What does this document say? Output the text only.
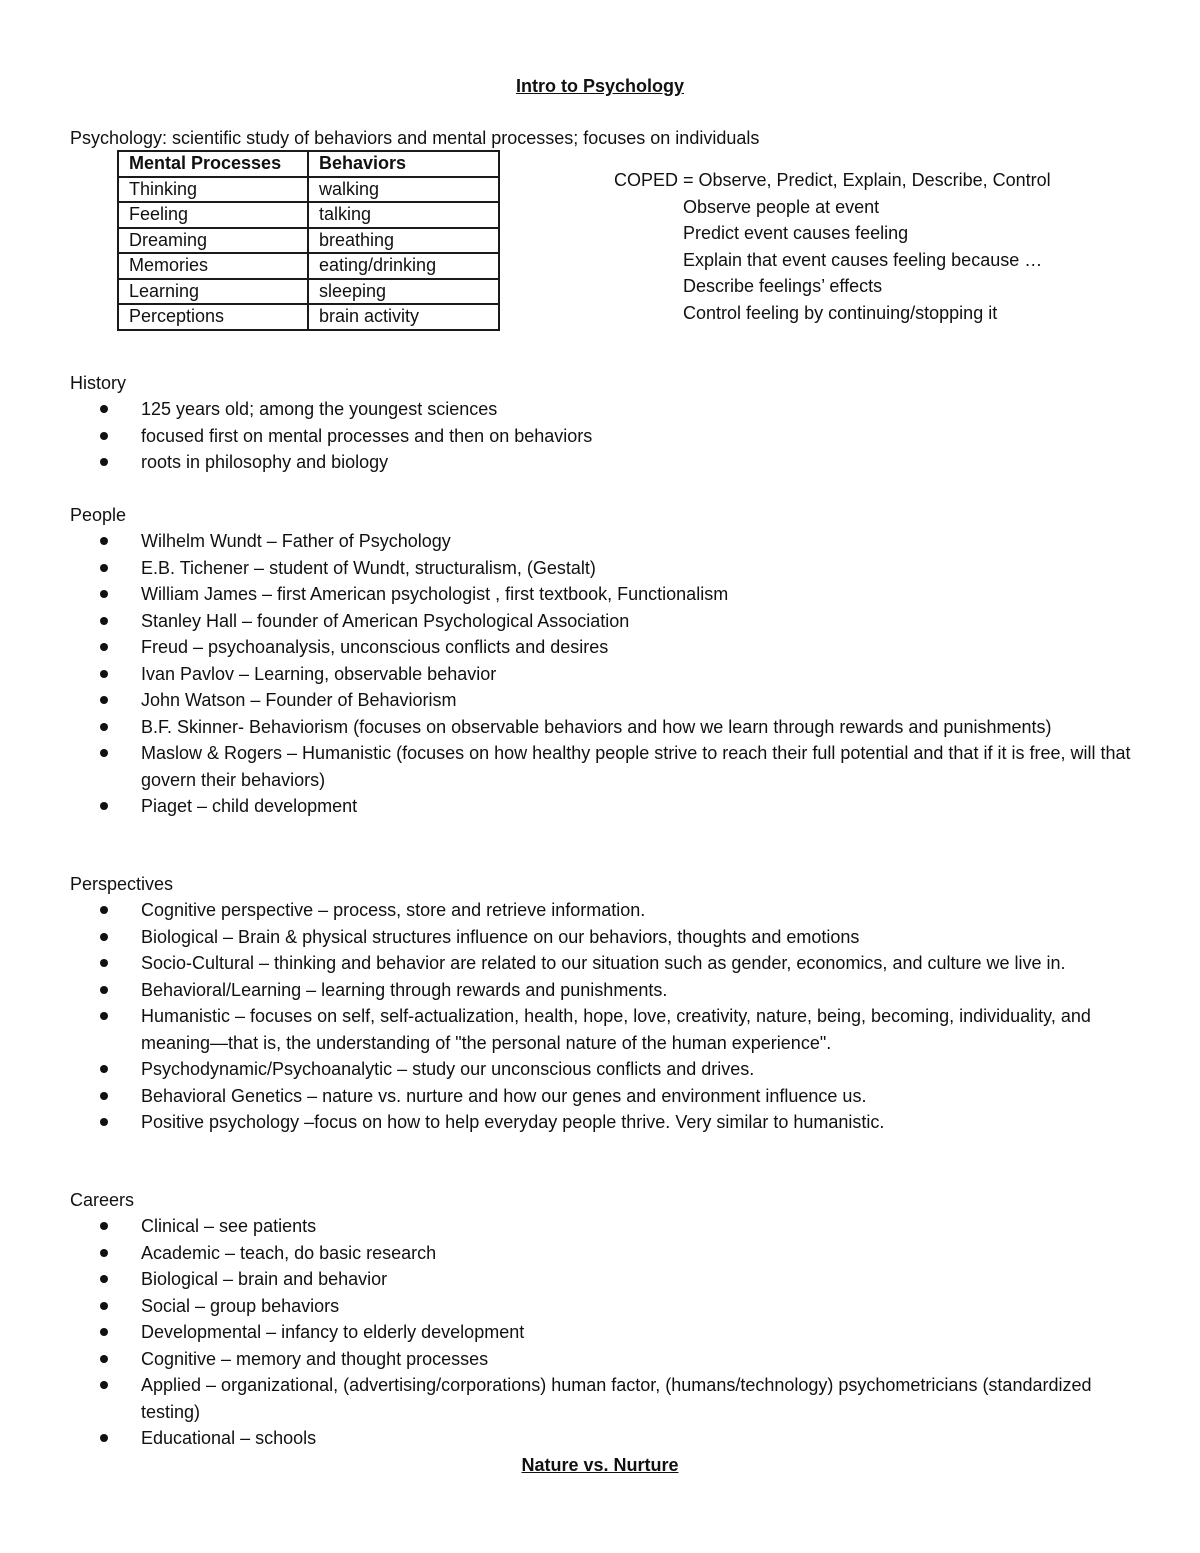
Intro to Psychology
Psychology: scientific study of behaviors and mental processes; focuses on individuals
Mental Processes	Behaviors
Thinking	walking
Feeling	talking
Dreaming	breathing
Memories	eating/drinking
Learning	sleeping
Perceptions	brain activity
COPED = Observe, Predict, Explain, Describe, Control
Observe people at event
Predict event causes feeling
Explain that event causes feeling because …
Describe feelings’ effects
Control feeling by continuing/stopping it
History
125 years old; among the youngest sciences
focused first on mental processes and then on behaviors
roots in philosophy and biology
People
Wilhelm Wundt – Father of Psychology
E.B. Tichener – student of Wundt, structuralism, (Gestalt)
William James – first American psychologist , first textbook, Functionalism
Stanley Hall – founder of American Psychological Association
Freud – psychoanalysis, unconscious conflicts and desires
Ivan Pavlov – Learning, observable behavior
John Watson – Founder of Behaviorism
B.F. Skinner- Behaviorism (focuses on observable behaviors and how we learn through rewards and punishments)
Maslow & Rogers – Humanistic (focuses on how healthy people strive to reach their full potential and that if it is free, will that govern their behaviors)
Piaget – child development
Perspectives
Cognitive perspective – process, store and retrieve information.
Biological – Brain & physical structures influence on our behaviors, thoughts and emotions
Socio-Cultural – thinking and behavior are related to our situation such as gender, economics, and culture we live in.
Behavioral/Learning – learning through rewards and punishments.
Humanistic – focuses on self, self-actualization, health, hope, love, creativity, nature, being, becoming, individuality, and meaning—that is, the understanding of "the personal nature of the human experience".
Psychodynamic/Psychoanalytic – study our unconscious conflicts and drives.
Behavioral Genetics – nature vs. nurture and how our genes and environment influence us.
Positive psychology –focus on how to help everyday people thrive. Very similar to humanistic.
Careers
Clinical – see patients
Academic – teach, do basic research
Biological – brain and behavior
Social – group behaviors
Developmental – infancy to elderly development
Cognitive – memory and thought processes
Applied – organizational, (advertising/corporations) human factor, (humans/technology) psychometricians (standardized testing)
Educational – schools
Nature vs. Nurture
